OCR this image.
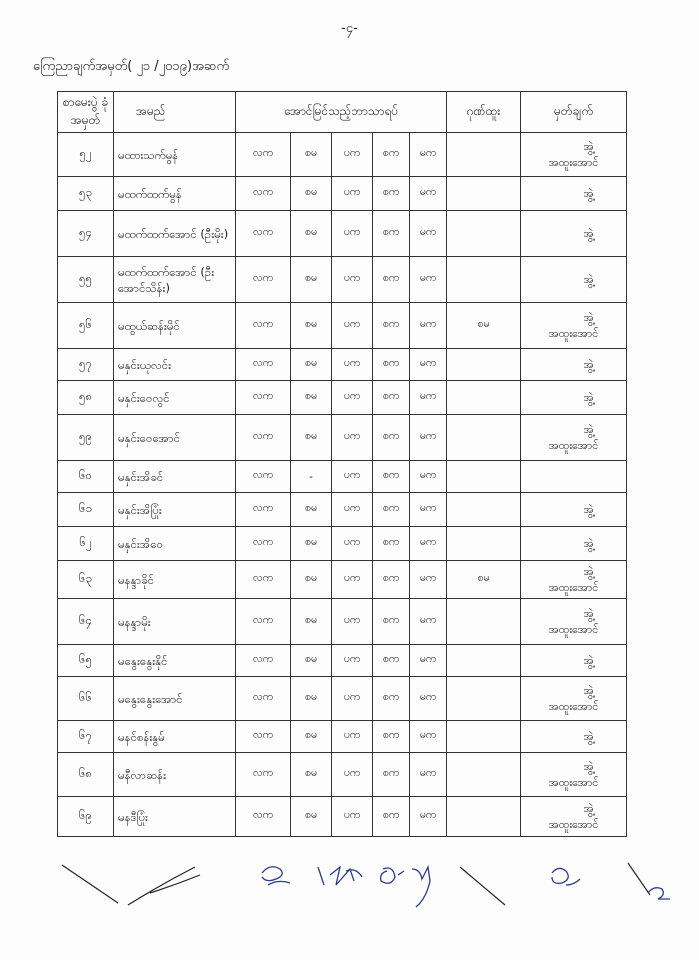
-၄-
ကြေညာချက်အမှတ်( ၂၁ /၂၀၁၉)အဆက်
စာမေးပွဲ ခုံအမှတ်	အမည်	အောင်မြင်သည့်ဘာသာရပ်					ဂုဏ်ထူး	မှတ်ချက်
၅၂	မထားသက်မွန်	လက	စမ	ပက	စက	မက		အွဲ့
အထူးအောင်

၅၃	မထက်ထက်မွန်	လက	စမ	ပက	စက	မက		အွဲ့

၅၄	မထက်ထက်အောင် (ဦးမိုး)	လက	စမ	ပက	စက	မက		အွဲ့

၅၅	မထက်ထက်အောင် (ဦးအောင်သိန်း)	လက	စမ	ပက	စက	မက		အွဲ့

၅၆	မထွယ်ဆန်းမိုင်	လက	စမ	ပက	စက	မက	စမ	အွဲ့
အထူးအောင်

၅၇	မနှင်းယုလင်း	လက	စမ	ပက	စက	မက		အွဲ့

၅၈	မနှင်းဝေလွင်	လက	စမ	ပက	စက	မက		အွဲ့

၅၉	မနှင်းဝေအောင်	လက	စမ	ပက	စက	မက		အွဲ့
အထူးအောင်

၆၀	မနှင်းအိခင်	လက	-	ပက	စက	မက		
၆၁	မနှင်းအိပြုံး	လက	စမ	ပက	စက	မက		အွဲ့

၆၂	မနှင်းအိဝေ	လက	စမ	ပက	စက	မက		အွဲ့

၆၃	မနန္ဒာခိုင်	လက	စမ	ပက	စက	မက	စမ	အွဲ့
အထူးအောင်

၆၄	မနန္ဒာမိုး	လက	စမ	ပက	စက	မက		အွဲ့
အထူးအောင်

၆၅	မနွေးနွေးနိုင်	လက	စမ	ပက	စက	မက		အွဲ့

၆၆	မနွေးနွေးအောင်	လက	စမ	ပက	စက	မက		အွဲ့
အထူးအောင်

၆၇	မနင်စန်းနွမ်	လက	စမ	ပက	စက	မက		အွဲ့

၆၈	မနီလာဆန်း	လက	စမ	ပက	စက	မက		အွဲ့
အထူးအောင်

၆၉	မနဒီပြုံး	လက	စမ	ပက	စက	မက		အွဲ့
အထူးအောင်
